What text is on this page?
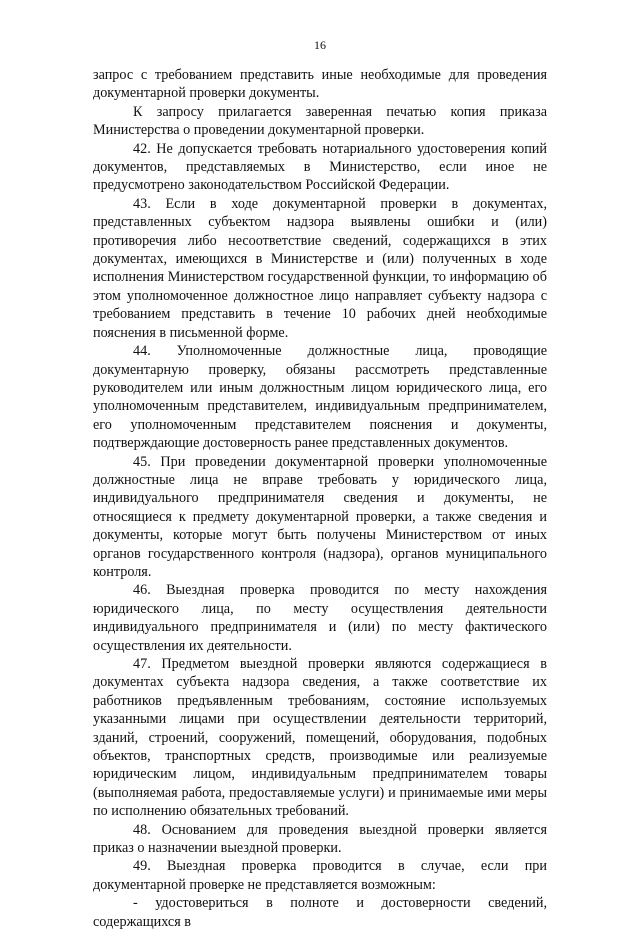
16

запрос с требованием представить иные необходимые для проведения документарной проверки документы.

К запросу прилагается заверенная печатью копия приказа Министерства о проведении документарной проверки.

42. Не допускается требовать нотариального удостоверения копий документов, представляемых в Министерство, если иное не предусмотрено законодательством Российской Федерации.

43. Если в ходе документарной проверки в документах, представленных субъектом надзора выявлены ошибки и (или) противоречия либо несоответствие сведений, содержащихся в этих документах, имеющихся в Министерстве и (или) полученных в ходе исполнения Министерством государственной функции, то информацию об этом уполномоченное должностное лицо направляет субъекту надзора с требованием представить в течение 10 рабочих дней необходимые пояснения в письменной форме.

44. Уполномоченные должностные лица, проводящие документарную проверку, обязаны рассмотреть представленные руководителем или иным должностным лицом юридического лица, его уполномоченным представителем, индивидуальным предпринимателем, его уполномоченным представителем пояснения и документы, подтверждающие достоверность ранее представленных документов.

45. При проведении документарной проверки уполномоченные должностные лица не вправе требовать у юридического лица, индивидуального предпринимателя сведения и документы, не относящиеся к предмету документарной проверки, а также сведения и документы, которые могут быть получены Министерством от иных органов государственного контроля (надзора), органов муниципального контроля.

46. Выездная проверка проводится по месту нахождения юридического лица, по месту осуществления деятельности индивидуального предпринимателя и (или) по месту фактического осуществления их деятельности.

47. Предметом выездной проверки являются содержащиеся в документах субъекта надзора сведения, а также соответствие их работников предъявленным требованиям, состояние используемых указанными лицами при осуществлении деятельности территорий, зданий, строений, сооружений, помещений, оборудования, подобных объектов, транспортных средств, производимые или реализуемые юридическим лицом, индивидуальным предпринимателем товары (выполняемая работа, предоставляемые услуги) и принимаемые ими меры по исполнению обязательных требований.

48. Основанием для проведения выездной проверки является приказ о назначении выездной проверки.

49. Выездная проверка проводится в случае, если при документарной проверке не представляется возможным:

- удостовериться в полноте и достоверности сведений, содержащихся в
